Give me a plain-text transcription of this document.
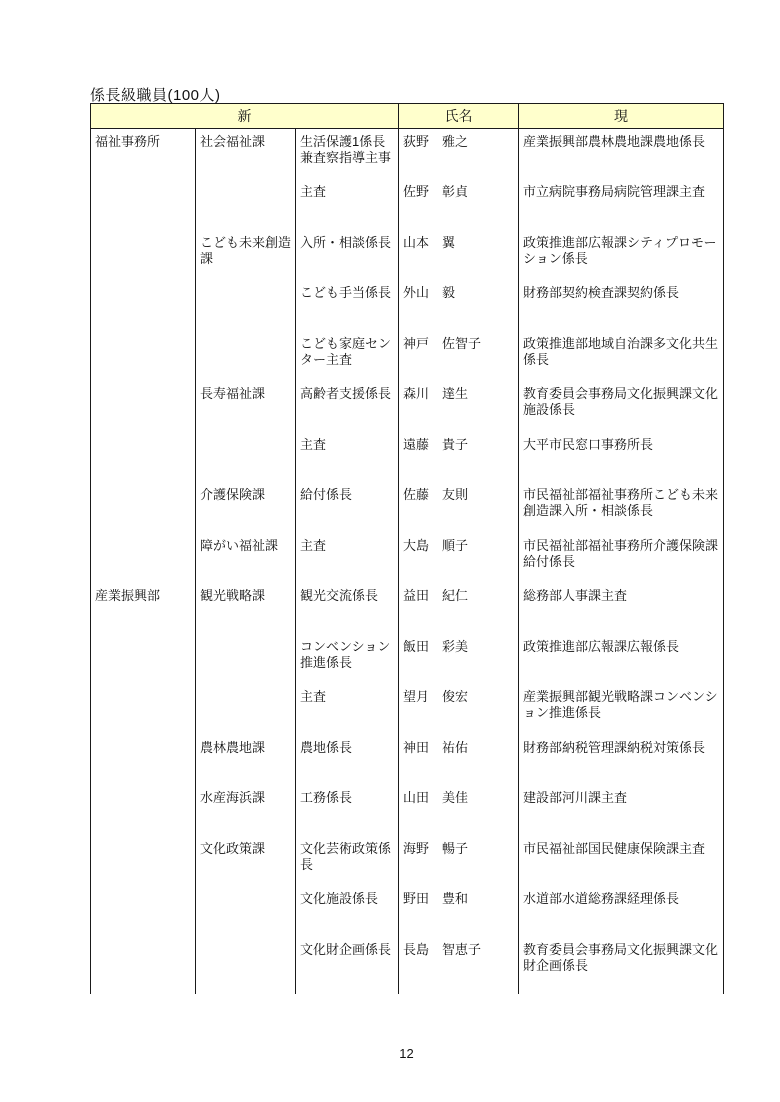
係長級職員(100人)
新			氏名	現
福祉事務所	社会福祉課	生活保護1係長兼査察指導主事	荻野　雅之	産業振興部農林農地課農地係長
		主査	佐野　彰貞	市立病院事務局病院管理課主査
	こども未来創造課	入所・相談係長	山本　翼	政策推進部広報課シティプロモーション係長
		こども手当係長	外山　毅	財務部契約検査課契約係長
		こども家庭センター主査	神戸　佐智子	政策推進部地域自治課多文化共生係長
	長寿福祉課	高齢者支援係長	森川　達生	教育委員会事務局文化振興課文化施設係長
		主査	遠藤　貴子	大平市民窓口事務所長
	介護保険課	給付係長	佐藤　友則	市民福祉部福祉事務所こども未来創造課入所・相談係長
	障がい福祉課	主査	大島　順子	市民福祉部福祉事務所介護保険課給付係長
産業振興部	観光戦略課	観光交流係長	益田　紀仁	総務部人事課主査
		コンベンション推進係長	飯田　彩美	政策推進部広報課広報係長
		主査	望月　俊宏	産業振興部観光戦略課コンベンション推進係長
	農林農地課	農地係長	神田　祐佑	財務部納税管理課納税対策係長
	水産海浜課	工務係長	山田　美佳	建設部河川課主査
	文化政策課	文化芸術政策係長	海野　暢子	市民福祉部国民健康保険課主査
		文化施設係長	野田　豊和	水道部水道総務課経理係長
		文化財企画係長	長島　智恵子	教育委員会事務局文化振興課文化財企画係長
12
